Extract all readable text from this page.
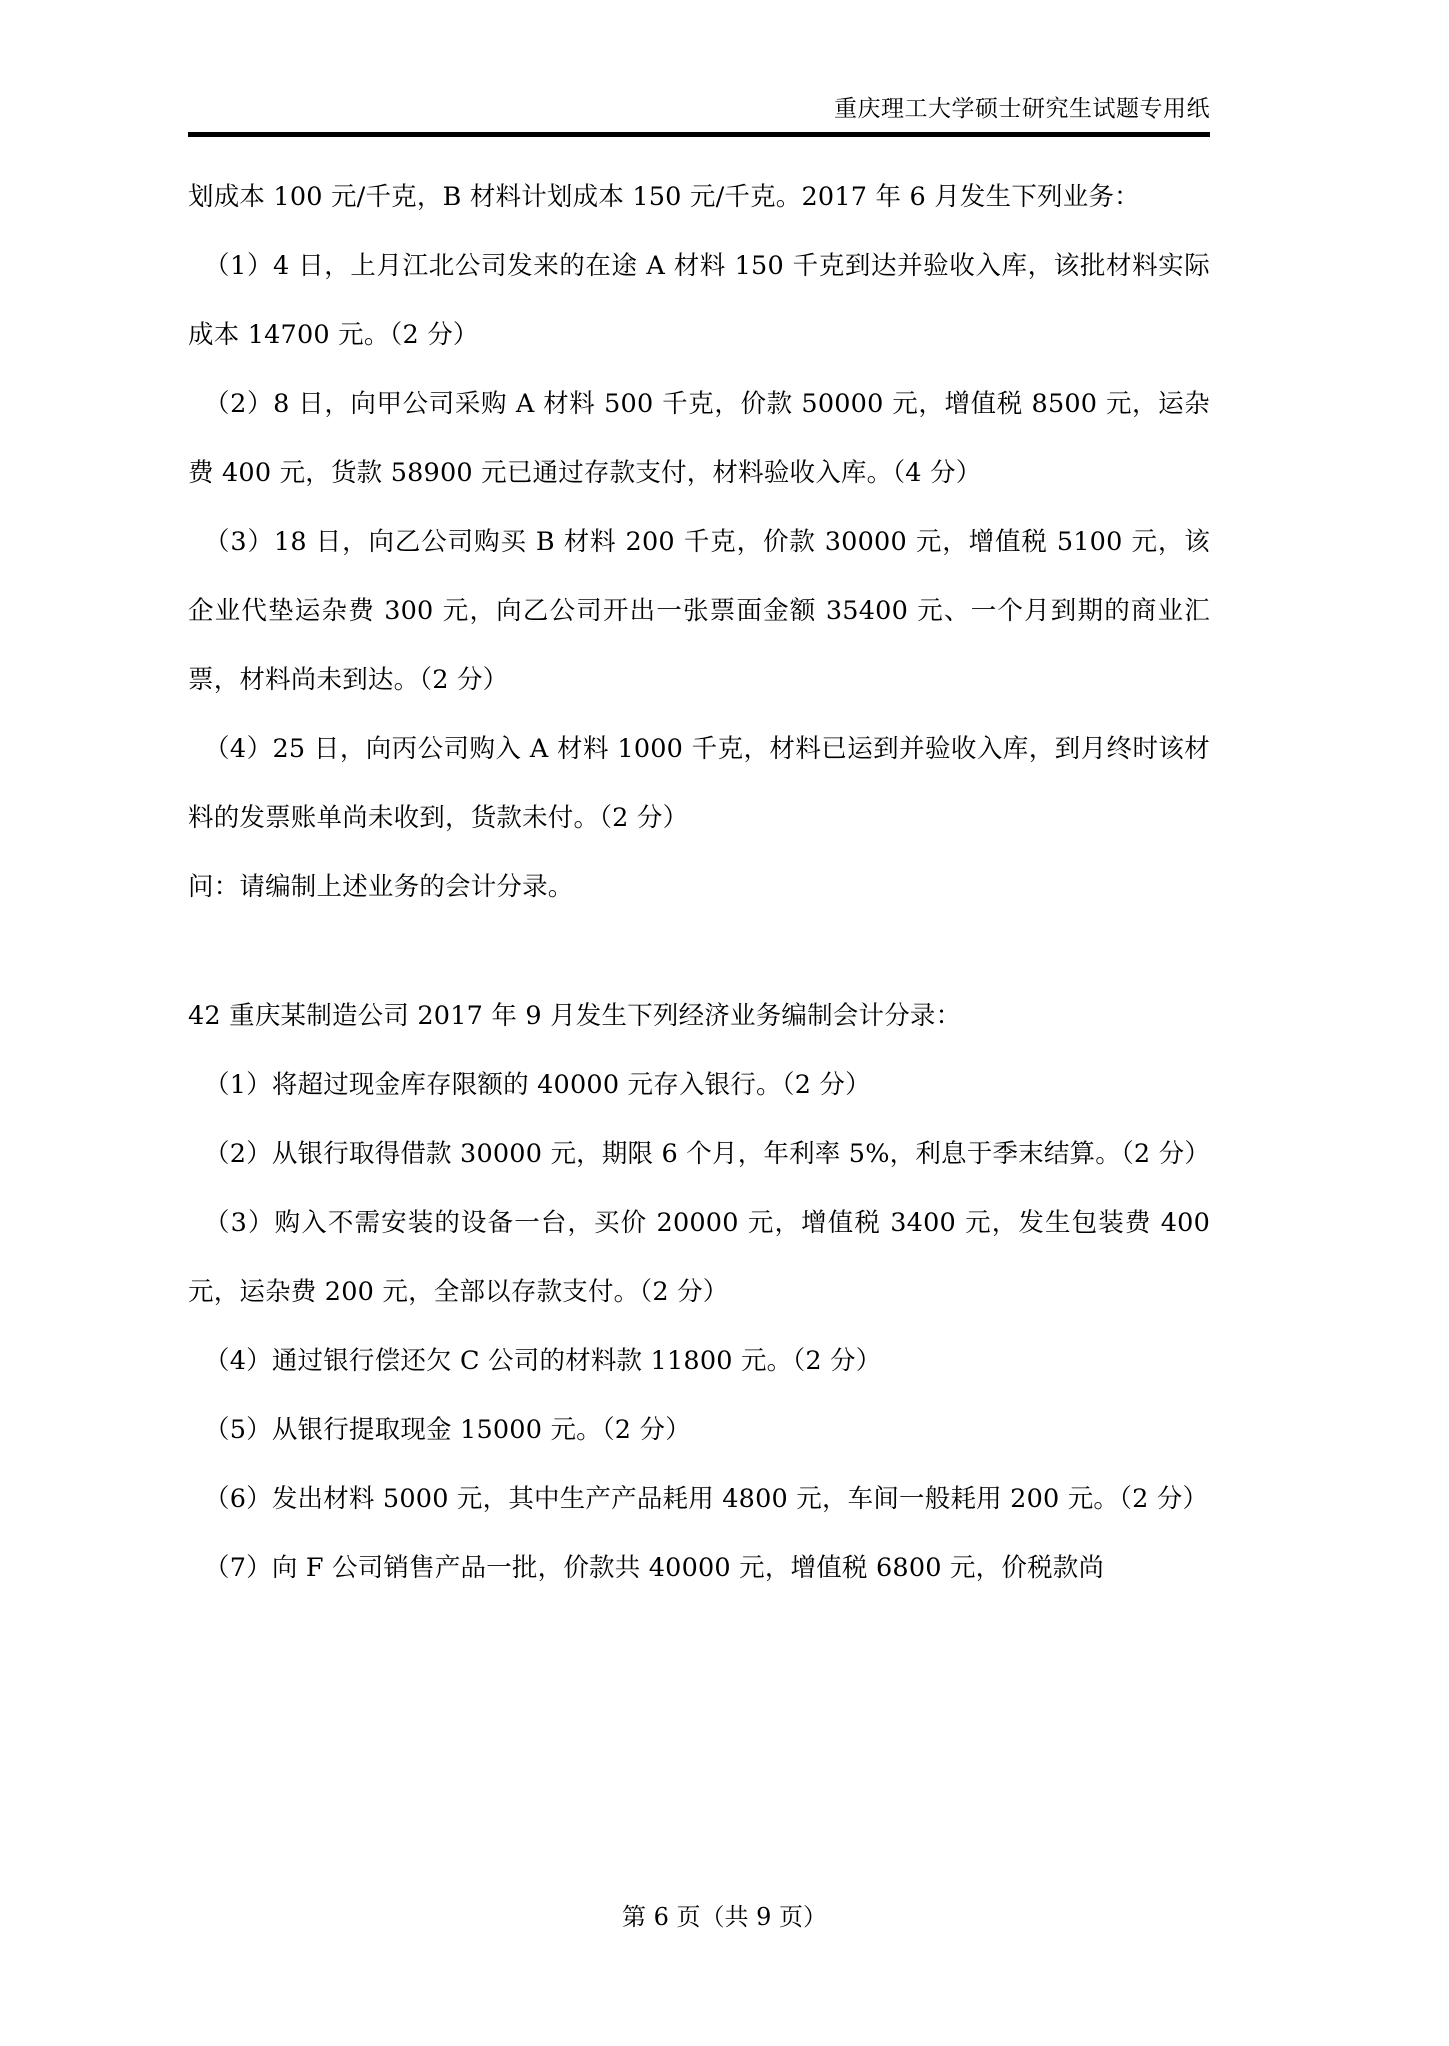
重庆理工大学硕士研究生试题专用纸

划成本 100 元/千克，B 材料计划成本 150 元/千克。2017 年 6 月发生下列业务：

（1）4 日，上月江北公司发来的在途 A 材料 150 千克到达并验收入库，该批材料实际成本 14700 元。（2 分）

（2）8 日，向甲公司采购 A 材料 500 千克，价款 50000 元，增值税 8500 元，运杂费 400 元，货款 58900 元已通过存款支付，材料验收入库。（4 分）

（3）18 日，向乙公司购买 B 材料 200 千克，价款 30000 元，增值税 5100 元，该企业代垫运杂费 300 元，向乙公司开出一张票面金额 35400 元、一个月到期的商业汇票，材料尚未到达。（2 分）

（4）25 日，向丙公司购入 A 材料 1000 千克，材料已运到并验收入库，到月终时该材料的发票账单尚未收到，货款未付。（2 分）

问：请编制上述业务的会计分录。

42 重庆某制造公司 2017 年 9 月发生下列经济业务编制会计分录：

（1）将超过现金库存限额的 40000 元存入银行。（2 分）

（2）从银行取得借款 30000 元，期限 6 个月，年利率 5%，利息于季末结算。（2 分）

（3）购入不需安装的设备一台，买价 20000 元，增值税 3400 元，发生包装费 400 元，运杂费 200 元，全部以存款支付。（2 分）

（4）通过银行偿还欠 C 公司的材料款 11800 元。（2 分）

（5）从银行提取现金 15000 元。（2 分）

（6）发出材料 5000 元，其中生产产品耗用 4800 元，车间一般耗用 200 元。（2 分）

（7）向 F 公司销售产品一批，价款共 40000 元，增值税 6800 元，价税款尚

第 6 页（共 9 页）
